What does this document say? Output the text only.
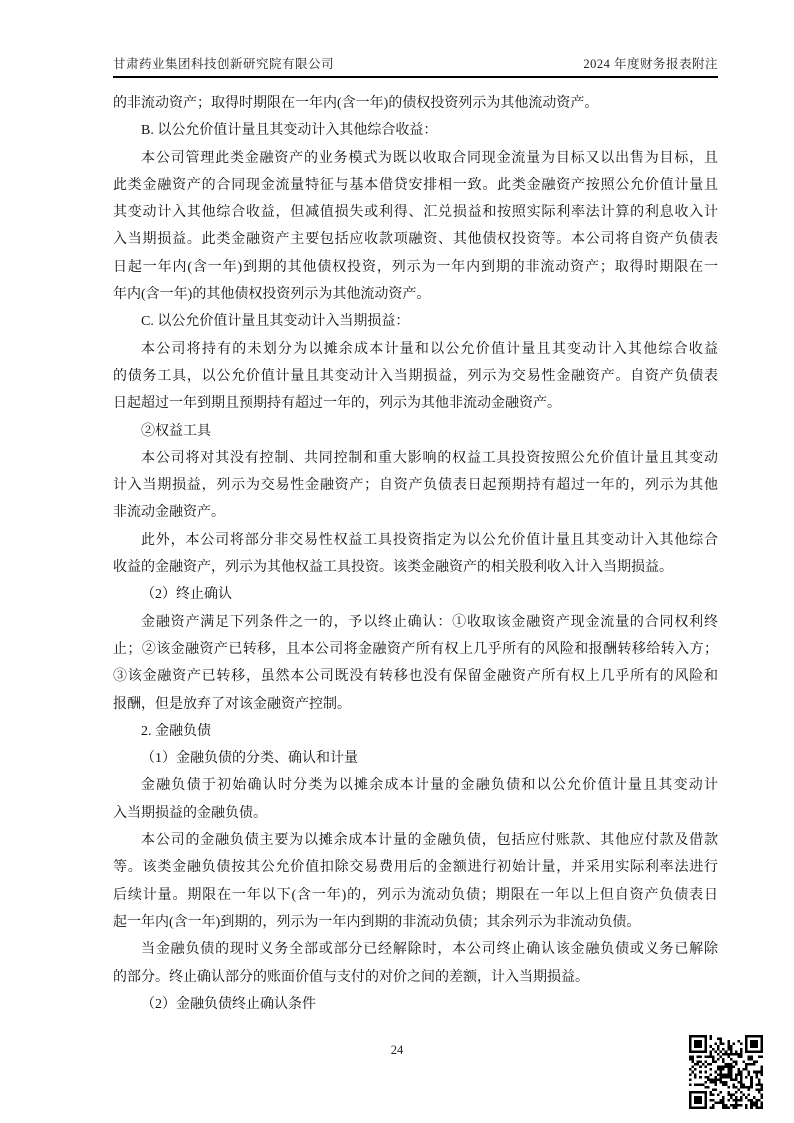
甘肃药业集团科技创新研究院有限公司	2024 年度财务报表附注
的非流动资产；取得时期限在一年内(含一年)的债权投资列示为其他流动资产。
B. 以公允价值计量且其变动计入其他综合收益：
本公司管理此类金融资产的业务模式为既以收取合同现金流量为目标又以出售为目标，且
此类金融资产的合同现金流量特征与基本借贷安排相一致。此类金融资产按照公允价值计量且
其变动计入其他综合收益，但减值损失或利得、汇兑损益和按照实际利率法计算的利息收入计
入当期损益。此类金融资产主要包括应收款项融资、其他债权投资等。本公司将自资产负债表
日起一年内(含一年)到期的其他债权投资，列示为一年内到期的非流动资产；取得时期限在一
年内(含一年)的其他债权投资列示为其他流动资产。
C. 以公允价值计量且其变动计入当期损益：
本公司将持有的未划分为以摊余成本计量和以公允价值计量且其变动计入其他综合收益
的债务工具，以公允价值计量且其变动计入当期损益，列示为交易性金融资产。自资产负债表
日起超过一年到期且预期持有超过一年的，列示为其他非流动金融资产。
②权益工具
本公司将对其没有控制、共同控制和重大影响的权益工具投资按照公允价值计量且其变动
计入当期损益，列示为交易性金融资产；自资产负债表日起预期持有超过一年的，列示为其他
非流动金融资产。
此外，本公司将部分非交易性权益工具投资指定为以公允价值计量且其变动计入其他综合
收益的金融资产，列示为其他权益工具投资。该类金融资产的相关股利收入计入当期损益。
（2）终止确认
金融资产满足下列条件之一的，予以终止确认：①收取该金融资产现金流量的合同权利终
止；②该金融资产已转移，且本公司将金融资产所有权上几乎所有的风险和报酬转移给转入方；
③该金融资产已转移，虽然本公司既没有转移也没有保留金融资产所有权上几乎所有的风险和
报酬，但是放弃了对该金融资产控制。
2. 金融负债
（1）金融负债的分类、确认和计量
金融负债于初始确认时分类为以摊余成本计量的金融负债和以公允价值计量且其变动计
入当期损益的金融负债。
本公司的金融负债主要为以摊余成本计量的金融负债，包括应付账款、其他应付款及借款
等。该类金融负债按其公允价值扣除交易费用后的金额进行初始计量，并采用实际利率法进行
后续计量。期限在一年以下(含一年)的，列示为流动负债；期限在一年以上但自资产负债表日
起一年内(含一年)到期的，列示为一年内到期的非流动负债；其余列示为非流动负债。
当金融负债的现时义务全部或部分已经解除时，本公司终止确认该金融负债或义务已解除
的部分。终止确认部分的账面价值与支付的对价之间的差额，计入当期损益。
（2）金融负债终止确认条件
24
